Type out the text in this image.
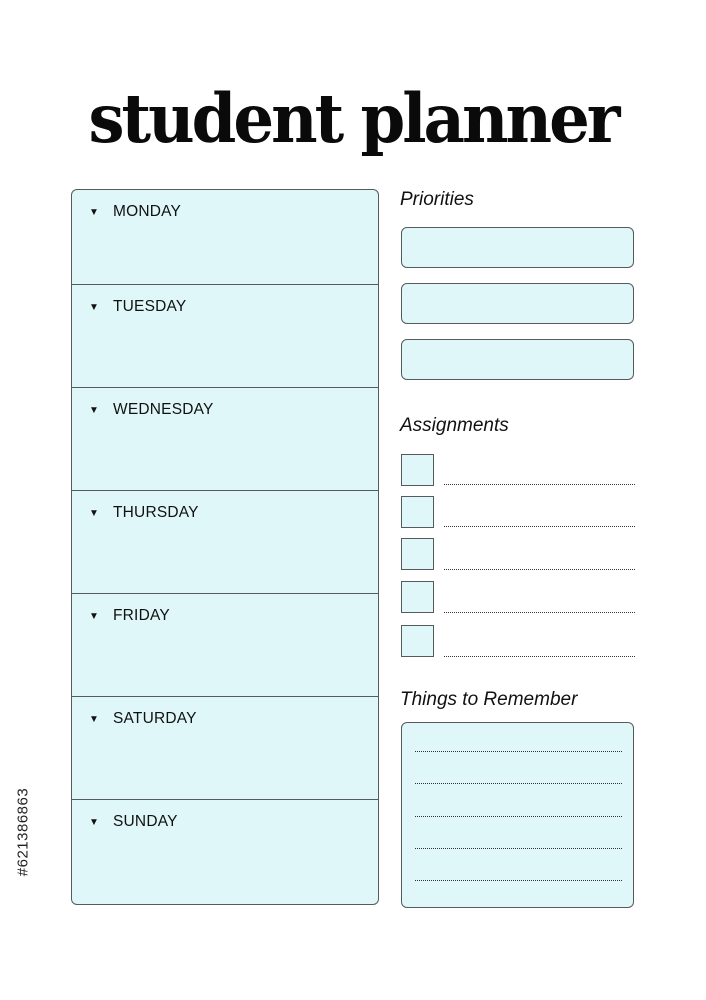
student planner
▼ MONDAY
▼ TUESDAY
▼ WEDNESDAY
▼ THURSDAY
▼ FRIDAY
▼ SATURDAY
▼ SUNDAY
Priorities
Assignments
Things to Remember
#621386863
